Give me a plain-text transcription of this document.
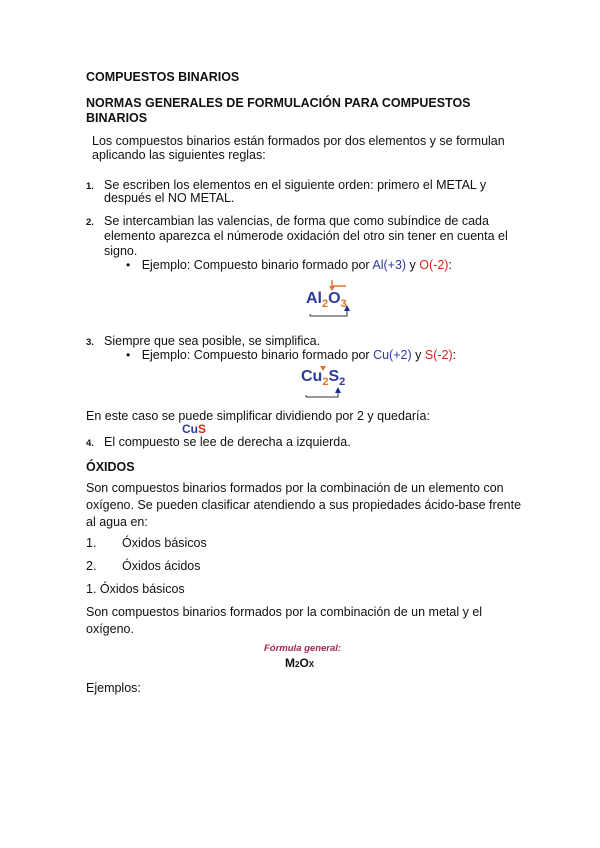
COMPUESTOS BINARIOS
NORMAS GENERALES DE FORMULACIÓN PARA COMPUESTOS BINARIOS
Los compuestos binarios están formados por dos elementos y se formulan
aplicando las siguientes reglas:
1. Se escriben los elementos en el siguiente orden: primero el METAL y
después el NO METAL.
2. Se intercambian las valencias, de forma que como subíndice de cada
elemento aparezca el númerode oxidación del otro sin tener en cuenta el
signo.
• Ejemplo: Compuesto binario formado por Al(+3) y O(-2):
$Al_2O_3$
3. Siempre que sea posible, se simplifica.
• Ejemplo: Compuesto binario formado por Cu(+2) y S(-2):
$Cu_2S_2$
En este caso se puede simplificar dividiendo por 2 y quedaría:
CuS
4. El compuesto se lee de derecha a izquierda.
ÓXIDOS
Son compuestos binarios formados por la combinación de un elemento con
oxígeno. Se pueden clasificar atendiendo a sus propiedades ácido-base frente
al agua en:
1. Óxidos básicos
2. Óxidos ácidos
1. Óxidos básicos
Son compuestos binarios formados por la combinación de un metal y el
oxígeno.
Fórmula general:
M2OX
Ejemplos:
